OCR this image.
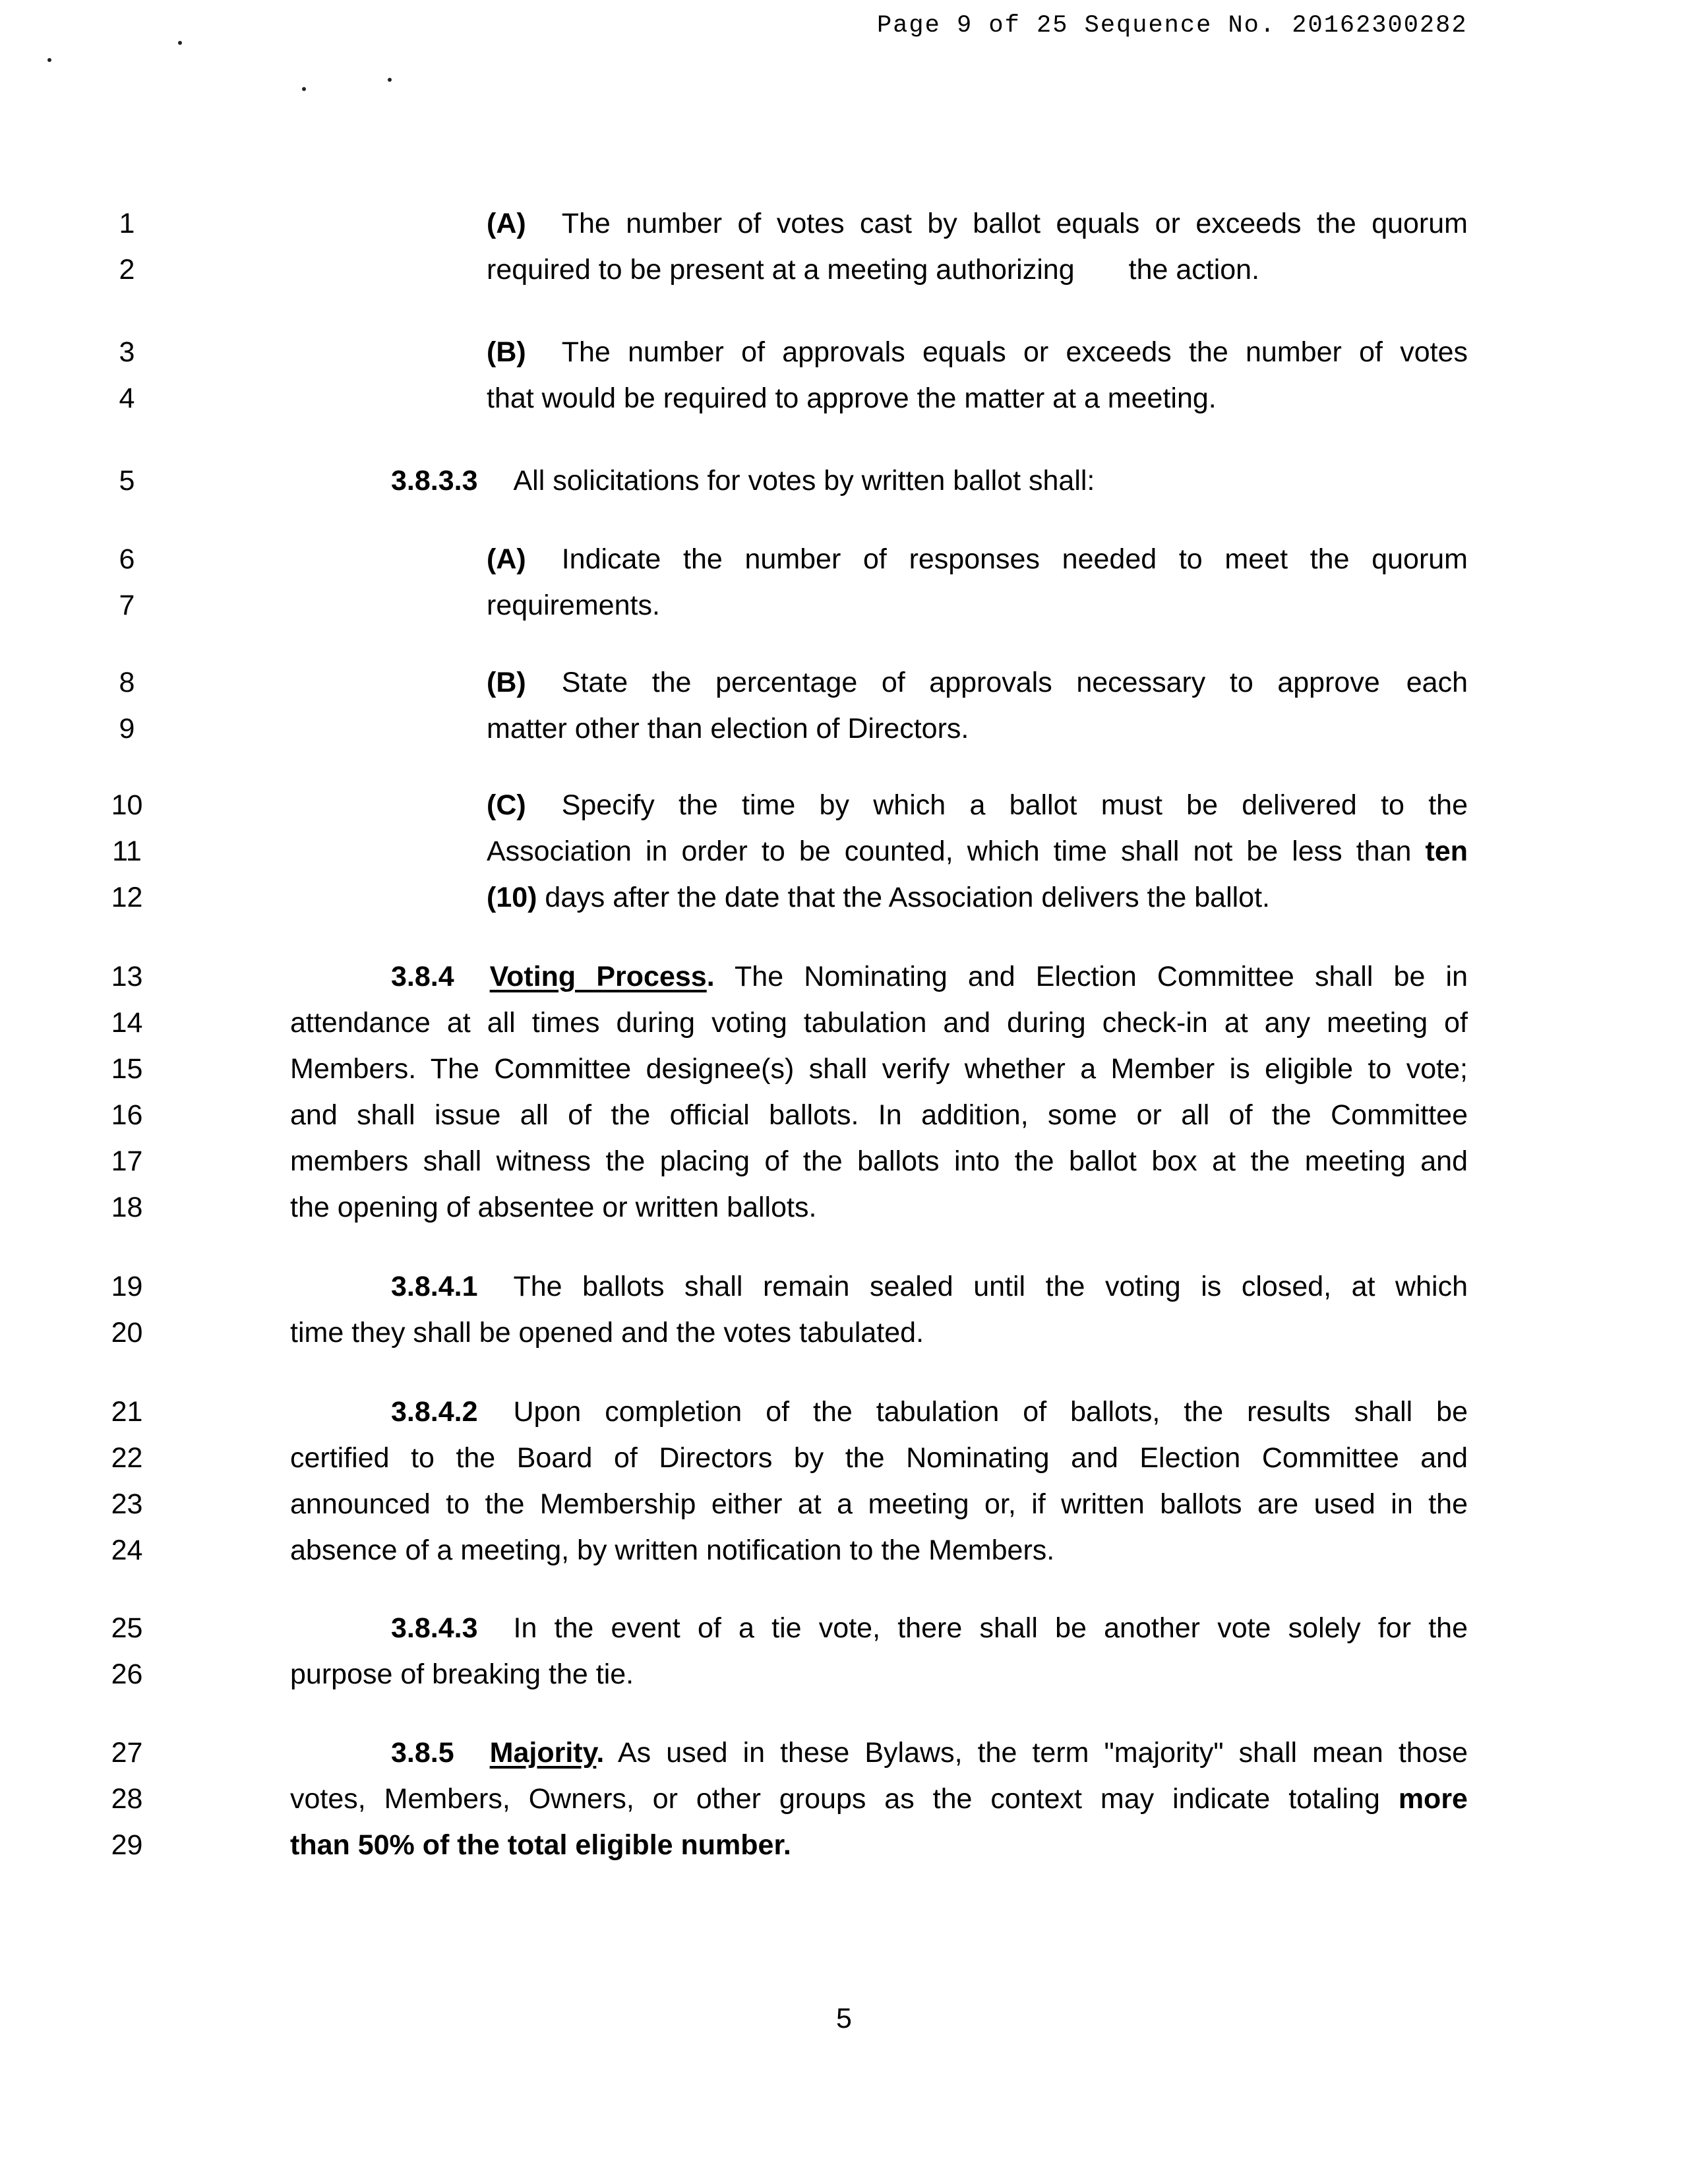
Page 9 of 25 Sequence No. 20162300282
1
2
3
4
5
6
7
8
9
10
11
12
13
14
15
16
17
18
19
20
21
22
23
24
25
26
27
28
29
(A) The number of votes cast by ballot equals or exceeds the quorum
required to be present at a meeting authorizing the action.
(B) The number of approvals equals or exceeds the number of votes
that would be required to approve the matter at a meeting.
3.8.3.3 All solicitations for votes by written ballot shall:
(A) Indicate the number of responses needed to meet the quorum
requirements.
(B) State the percentage of approvals necessary to approve each
matter other than election of Directors.
(C) Specify the time by which a ballot must be delivered to the
Association in order to be counted, which time shall not be less than ten
(10) days after the date that the Association delivers the ballot.
3.8.4 Voting Process. The Nominating and Election Committee shall be in
attendance at all times during voting tabulation and during check-in at any meeting of
Members. The Committee designee(s) shall verify whether a Member is eligible to vote;
and shall issue all of the official ballots. In addition, some or all of the Committee
members shall witness the placing of the ballots into the ballot box at the meeting and
the opening of absentee or written ballots.
3.8.4.1 The ballots shall remain sealed until the voting is closed, at which
time they shall be opened and the votes tabulated.
3.8.4.2 Upon completion of the tabulation of ballots, the results shall be
certified to the Board of Directors by the Nominating and Election Committee and
announced to the Membership either at a meeting or, if written ballots are used in the
absence of a meeting, by written notification to the Members.
3.8.4.3 In the event of a tie vote, there shall be another vote solely for the
purpose of breaking the tie.
3.8.5 Majority. As used in these Bylaws, the term "majority" shall mean those
votes, Members, Owners, or other groups as the context may indicate totaling more
than 50% of the total eligible number.
5
